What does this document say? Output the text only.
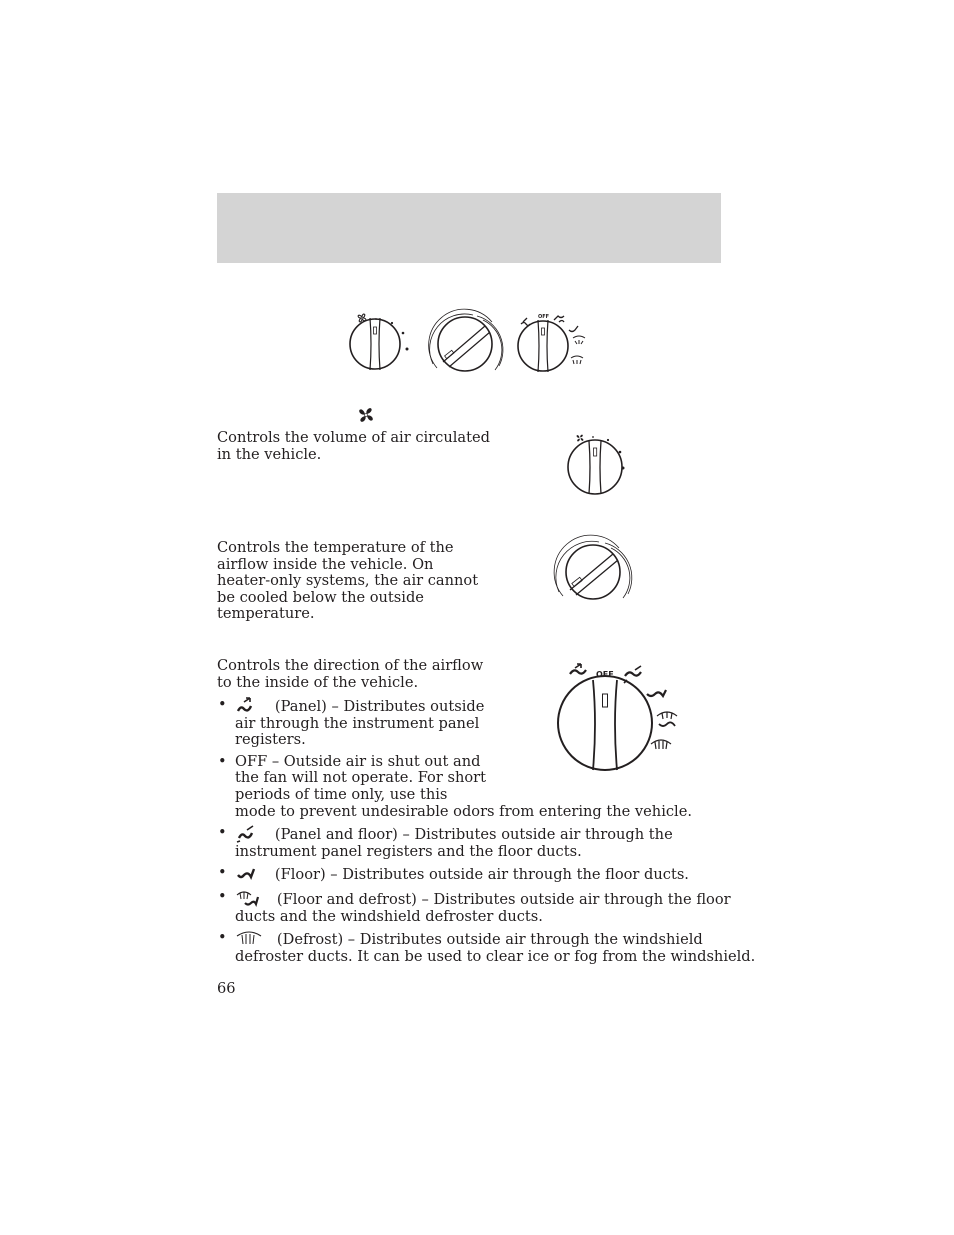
OFF
Controls the volume of air circulated
in the vehicle.
Controls the temperature of the
airflow inside the vehicle. On
heater-only systems, the air cannot
be cooled below the outside
temperature.
Controls the direction of the airflow
to the inside of the vehicle.	OFF
• (Panel) – Distributes outside
air through the instrument panel
registers.
• OFF – Outside air is shut out and
the fan will not operate. For short
periods of time only, use this
mode to prevent undesirable odors from entering the vehicle.
• (Panel and floor) – Distributes outside air through the
instrument panel registers and the floor ducts.
• (Floor) – Distributes outside air through the floor ducts.
• (Floor and defrost) – Distributes outside air through the floor
ducts and the windshield defroster ducts.
• (Defrost) – Distributes outside air through the windshield
defroster ducts. It can be used to clear ice or fog from the windshield.
66
